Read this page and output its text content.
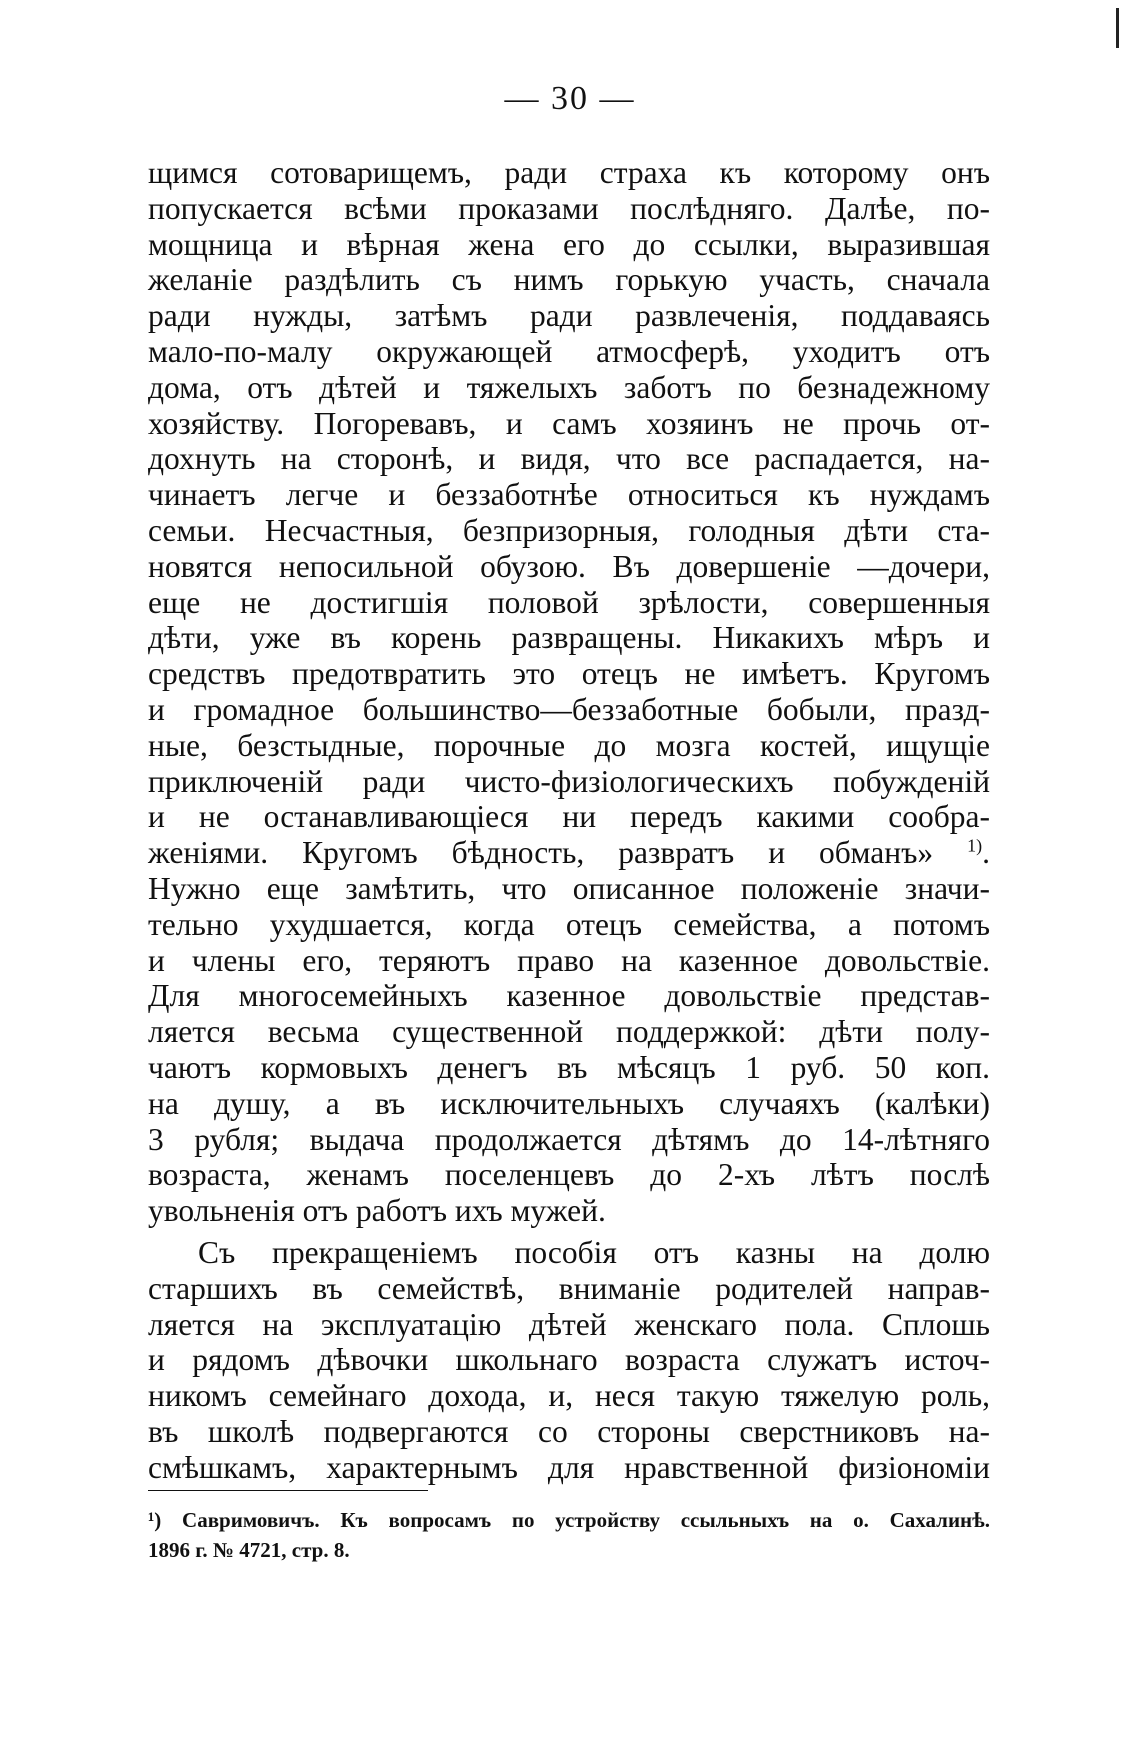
— 30 —
щимся сотоварищемъ, ради страха къ которому онъ
попускается всѣми проказами послѣдняго. Далѣе, по-
мощница и вѣрная жена его до ссылки, выразившая
желаніе раздѣлить съ нимъ горькую участь, сначала
ради нужды, затѣмъ ради развлеченія, поддаваясь
мало-по-малу окружающей атмосферѣ, уходитъ отъ
дома, отъ дѣтей и тяжелыхъ заботъ по безнадежному
хозяйству. Погоревавъ, и самъ хозяинъ не прочь от-
дохнуть на сторонѣ, и видя, что все распадается, на-
чинаетъ легче и беззаботнѣе относиться къ нуждамъ
семьи. Несчастныя, безпризорныя, голодныя дѣти ста-
новятся непосильной обузою. Въ довершеніе —дочери,
еще не достигшія половой зрѣлости, совершенныя
дѣти, уже въ корень развращены. Никакихъ мѣръ и
средствъ предотвратить это отецъ не имѣетъ. Кругомъ
и громадное большинство—беззаботные бобыли, празд-
ные, безстыдные, порочные до мозга костей, ищущіе
приключеній ради чисто-физіологическихъ побужденій
и не останавливающіеся ни передъ какими сообра-
женіями. Кругомъ бѣдность, развратъ и обманъ» $^{1)}$.
Нужно еще замѣтить, что описанное положеніе значи-
тельно ухудшается, когда отецъ семейства, а потомъ
и члены его, теряютъ право на казенное довольствіе.
Для многосемейныхъ казенное довольствіе представ-
ляется весьма существенной поддержкой: дѣти полу-
чаютъ кормовыхъ денегъ въ мѣсяцъ 1 руб. 50 коп.
на душу, а въ исключительныхъ случаяхъ (калѣки)
3 рубля; выдача продолжается дѣтямъ до 14-лѣтняго
возраста, женамъ поселенцевъ до 2-хъ лѣтъ послѣ
увольненія отъ работъ ихъ мужей.
Съ прекращеніемъ пособія отъ казны на долю
старшихъ въ семействѣ, вниманіе родителей направ-
ляется на эксплуатацію дѣтей женскаго пола. Сплошь
и рядомъ дѣвочки школьнаго возраста служатъ источ-
никомъ семейнаго дохода, и, неся такую тяжелую роль,
въ школѣ подвергаются со стороны сверстниковъ на-
смѣшкамъ, характернымъ для нравственной физіономіи
¹) Савримовичъ. Къ вопросамъ по устройству ссыльныхъ на о. Сахалинѣ.
1896 г. № 4721, стр. 8.
